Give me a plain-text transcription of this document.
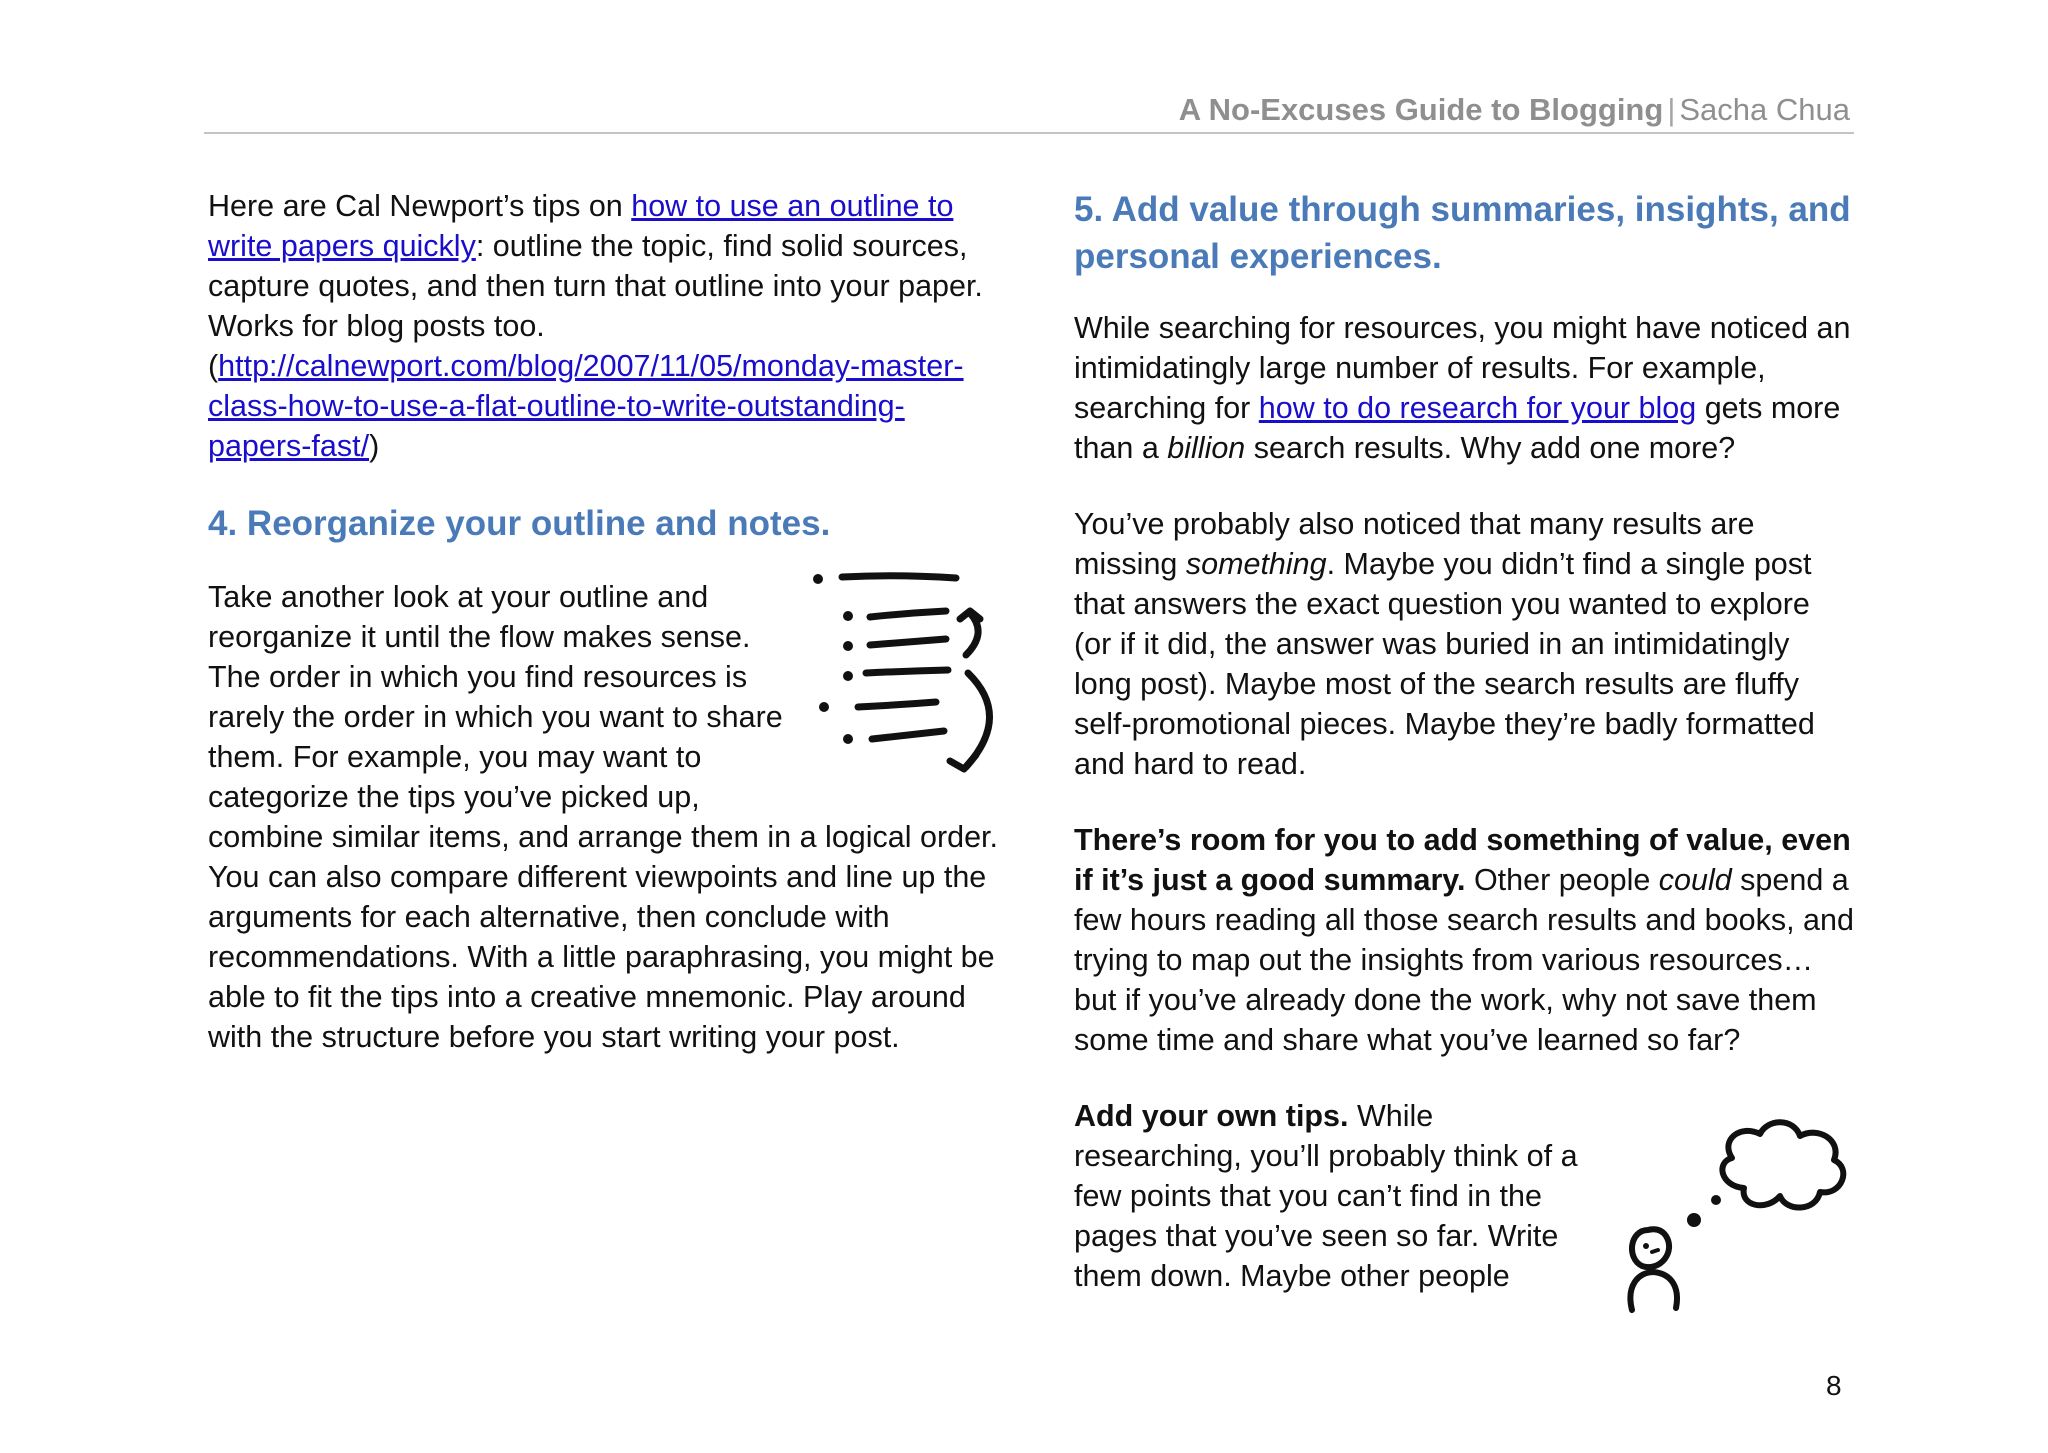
A No-Excuses Guide to Blogging | Sacha Chua

Here are Cal Newport’s tips on how to use an outline to write papers quickly: outline the topic, find solid sources, capture quotes, and then turn that outline into your paper. Works for blog posts too. (http://calnewport.com/blog/2007/11/05/monday-master-class-how-to-use-a-flat-outline-to-write-outstanding-papers-fast/)

4. Reorganize your outline and notes.

Take another look at your outline and reorganize it until the flow makes sense. The order in which you find resources is rarely the order in which you want to share them. For example, you may want to categorize the tips you’ve picked up, combine similar items, and arrange them in a logical order. You can also compare different viewpoints and line up the arguments for each alternative, then conclude with recommendations. With a little paraphrasing, you might be able to fit the tips into a creative mnemonic. Play around with the structure before you start writing your post.

5. Add value through summaries, insights, and personal experiences.

While searching for resources, you might have noticed an intimidatingly large number of results. For example, searching for how to do research for your blog gets more than a billion search results. Why add one more?

You’ve probably also noticed that many results are missing something. Maybe you didn’t find a single post that answers the exact question you wanted to explore (or if it did, the answer was buried in an intimidatingly long post). Maybe most of the search results are fluffy self-promotional pieces. Maybe they’re badly formatted and hard to read.

There’s room for you to add something of value, even if it’s just a good summary. Other people could spend a few hours reading all those search results and books, and trying to map out the insights from various resources… but if you’ve already done the work, why not save them some time and share what you’ve learned so far?

Add your own tips. While researching, you’ll probably think of a few points that you can’t find in the pages that you’ve seen so far. Write them down. Maybe other people

8
